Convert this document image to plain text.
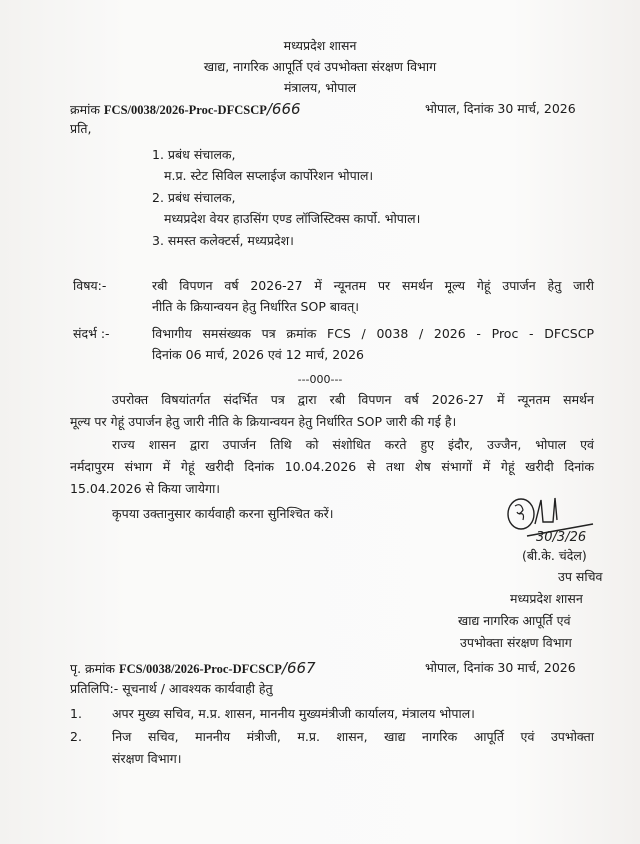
मध्यप्रदेश शासन
खाद्य, नागरिक आपूर्ति एवं उपभोक्ता संरक्षण विभाग
मंत्रालय, भोपाल
क्रमांक FCS/0038/2026-Proc-DFCSCP/666	भोपाल, दिनांक 30 मार्च, 2026
प्रति,
1. प्रबंध संचालक,
म.प्र. स्टेट सिविल सप्लाईज कार्पोरेशन भोपाल।
2. प्रबंध संचालक,
मध्यप्रदेश वेयर हाउसिंग एण्ड लॉजिस्टिक्स कार्पो. भोपाल।
3. समस्त कलेक्टर्स, मध्यप्रदेश।
विषय:-	रबी विपणन वर्ष 2026-27 में न्यूनतम पर समर्थन मूल्य गेहूं उपार्जन हेतु जारी
नीति के क्रियान्वयन हेतु निर्धारित SOP बावत्।
संदर्भ :-	विभागीय समसंख्यक पत्र क्रमांक FCS / 0038 / 2026 - Proc - DFCSCP
दिनांक 06 मार्च, 2026 एवं 12 मार्च, 2026
---000---
उपरोक्त विषयांतर्गत संदर्भित पत्र द्वारा रबी विपणन वर्ष 2026-27 में न्यूनतम समर्थन
मूल्य पर गेहूं उपार्जन हेतु जारी नीति के क्रियान्वयन हेतु निर्धारित SOP जारी की गई है।
राज्य शासन द्वारा उपार्जन तिथि को संशोधित करते हुए इंदौर, उज्जैन, भोपाल एवं
नर्मदापुरम संभाग में गेहूं खरीदी दिनांक 10.04.2026 से तथा शेष संभागों में गेहूं खरीदी दिनांक
15.04.2026 से किया जायेगा।
कृपया उक्तानुसार कार्यवाही करना सुनिश्चित करें।
30/3/26
(बी.के. चंदेल)
उप सचिव
मध्यप्रदेश शासन
खाद्य नागरिक आपूर्ति एवं
उपभोक्ता संरक्षण विभाग
पृ. क्रमांक FCS/0038/2026-Proc-DFCSCP/667	भोपाल, दिनांक 30 मार्च, 2026
प्रतिलिपि:- सूचनार्थ / आवश्यक कार्यवाही हेतु
1. अपर मुख्य सचिव, म.प्र. शासन, माननीय मुख्यमंत्रीजी कार्यालय, मंत्रालय भोपाल।
2. निज सचिव, माननीय मंत्रीजी, म.प्र. शासन, खाद्य नागरिक आपूर्ति एवं उपभोक्ता
संरक्षण विभाग।
